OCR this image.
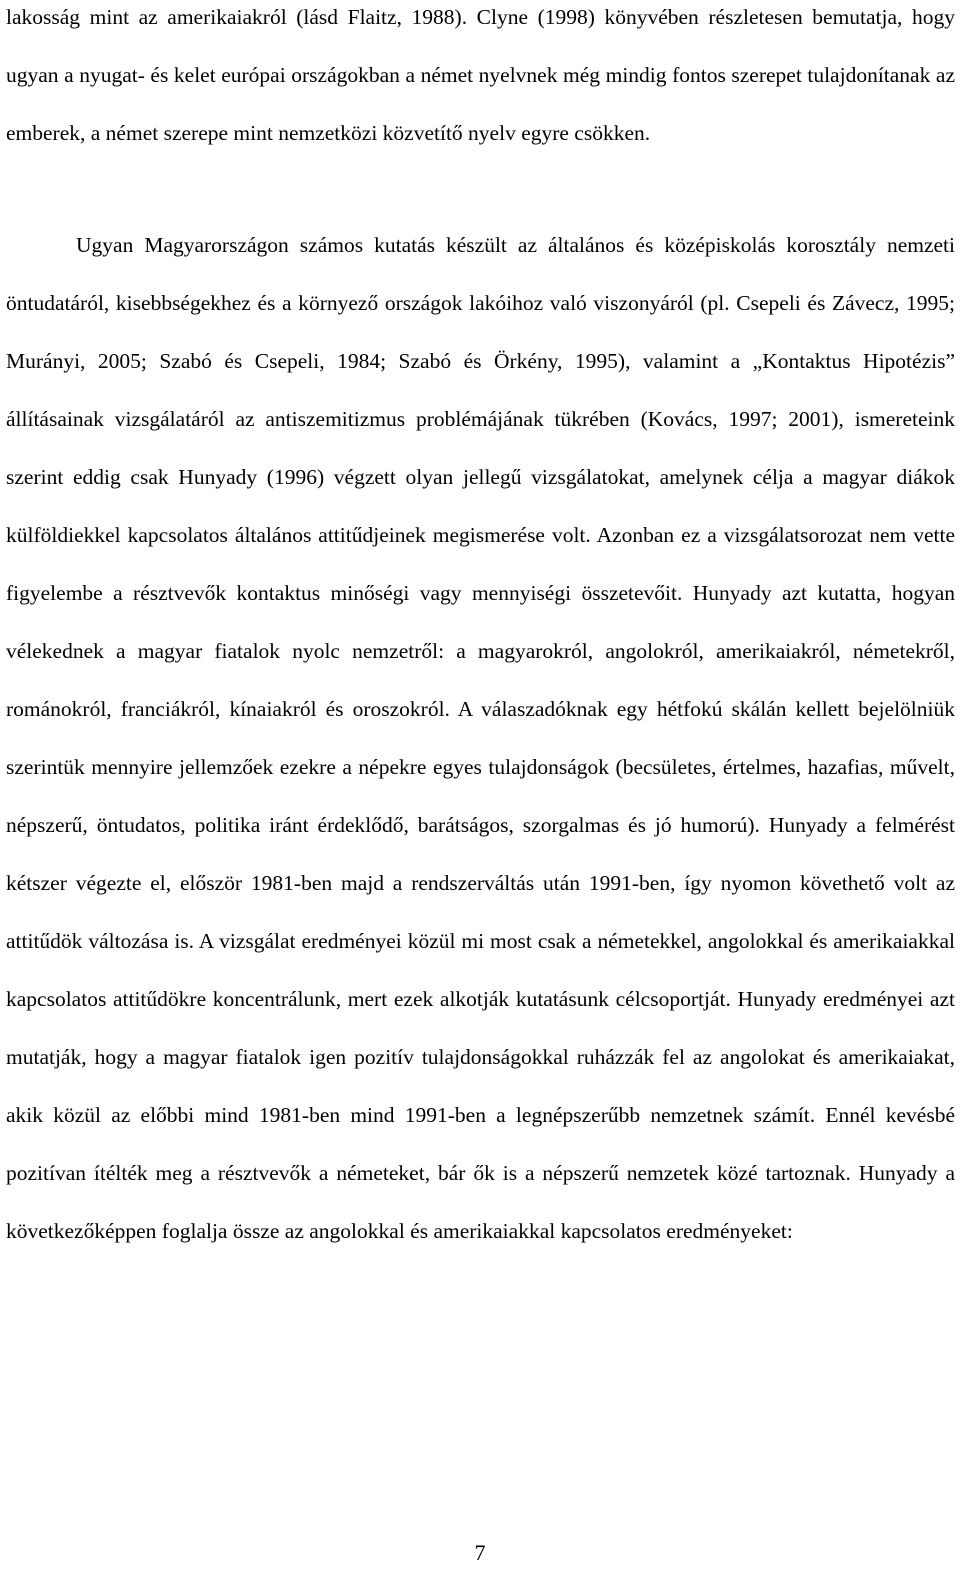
lakosság mint az amerikaiakról (lásd Flaitz, 1988). Clyne (1998) könyvében részletesen bemutatja, hogy ugyan a nyugat- és kelet európai országokban a német nyelvnek még mindig fontos szerepet tulajdonítanak az emberek, a német szerepe mint nemzetközi közvetítő nyelv egyre csökken.

Ugyan Magyarországon számos kutatás készült az általános és középiskolás korosztály nemzeti öntudatáról, kisebbségekhez és a környező országok lakóihoz való viszonyáról (pl. Csepeli és Závecz, 1995; Murányi, 2005; Szabó és Csepeli, 1984; Szabó és Örkény, 1995), valamint a „Kontaktus Hipotézis” állításainak vizsgálatáról az antiszemitizmus problémájának tükrében (Kovács, 1997; 2001), ismereteink szerint eddig csak Hunyady (1996) végzett olyan jellegű vizsgálatokat, amelynek célja a magyar diákok külföldiekkel kapcsolatos általános attitűdjeinek megismerése volt. Azonban ez a vizsgálatsorozat nem vette figyelembe a résztvevők kontaktus minőségi vagy mennyiségi összetevőit. Hunyady azt kutatta, hogyan vélekednek a magyar fiatalok nyolc nemzetről: a magyarokról, angolokról, amerikaiakról, németekről, románokról, franciákról, kínaiakról és oroszokról. A válaszadóknak egy hétfokú skálán kellett bejelölniük szerintük mennyire jellemzőek ezekre a népekre egyes tulajdonságok (becsületes, értelmes, hazafias, művelt, népszerű, öntudatos, politika iránt érdeklődő, barátságos, szorgalmas és jó humorú). Hunyady a felmérést kétszer végezte el, először 1981-ben majd a rendszerváltás után 1991-ben, így nyomon követhető volt az attitűdök változása is. A vizsgálat eredményei közül mi most csak a németekkel, angolokkal és amerikaiakkal kapcsolatos attitűdökre koncentrálunk, mert ezek alkotják kutatásunk célcsoportját. Hunyady eredményei azt mutatják, hogy a magyar fiatalok igen pozitív tulajdonságokkal ruházzák fel az angolokat és amerikaiakat, akik közül az előbbi mind 1981-ben mind 1991-ben a legnépszerűbb nemzetnek számít. Ennél kevésbé pozitívan ítélték meg a résztvevők a németeket, bár ők is a népszerű nemzetek közé tartoznak. Hunyady a következőképpen foglalja össze az angolokkal és amerikaiakkal kapcsolatos eredményeket:

7
